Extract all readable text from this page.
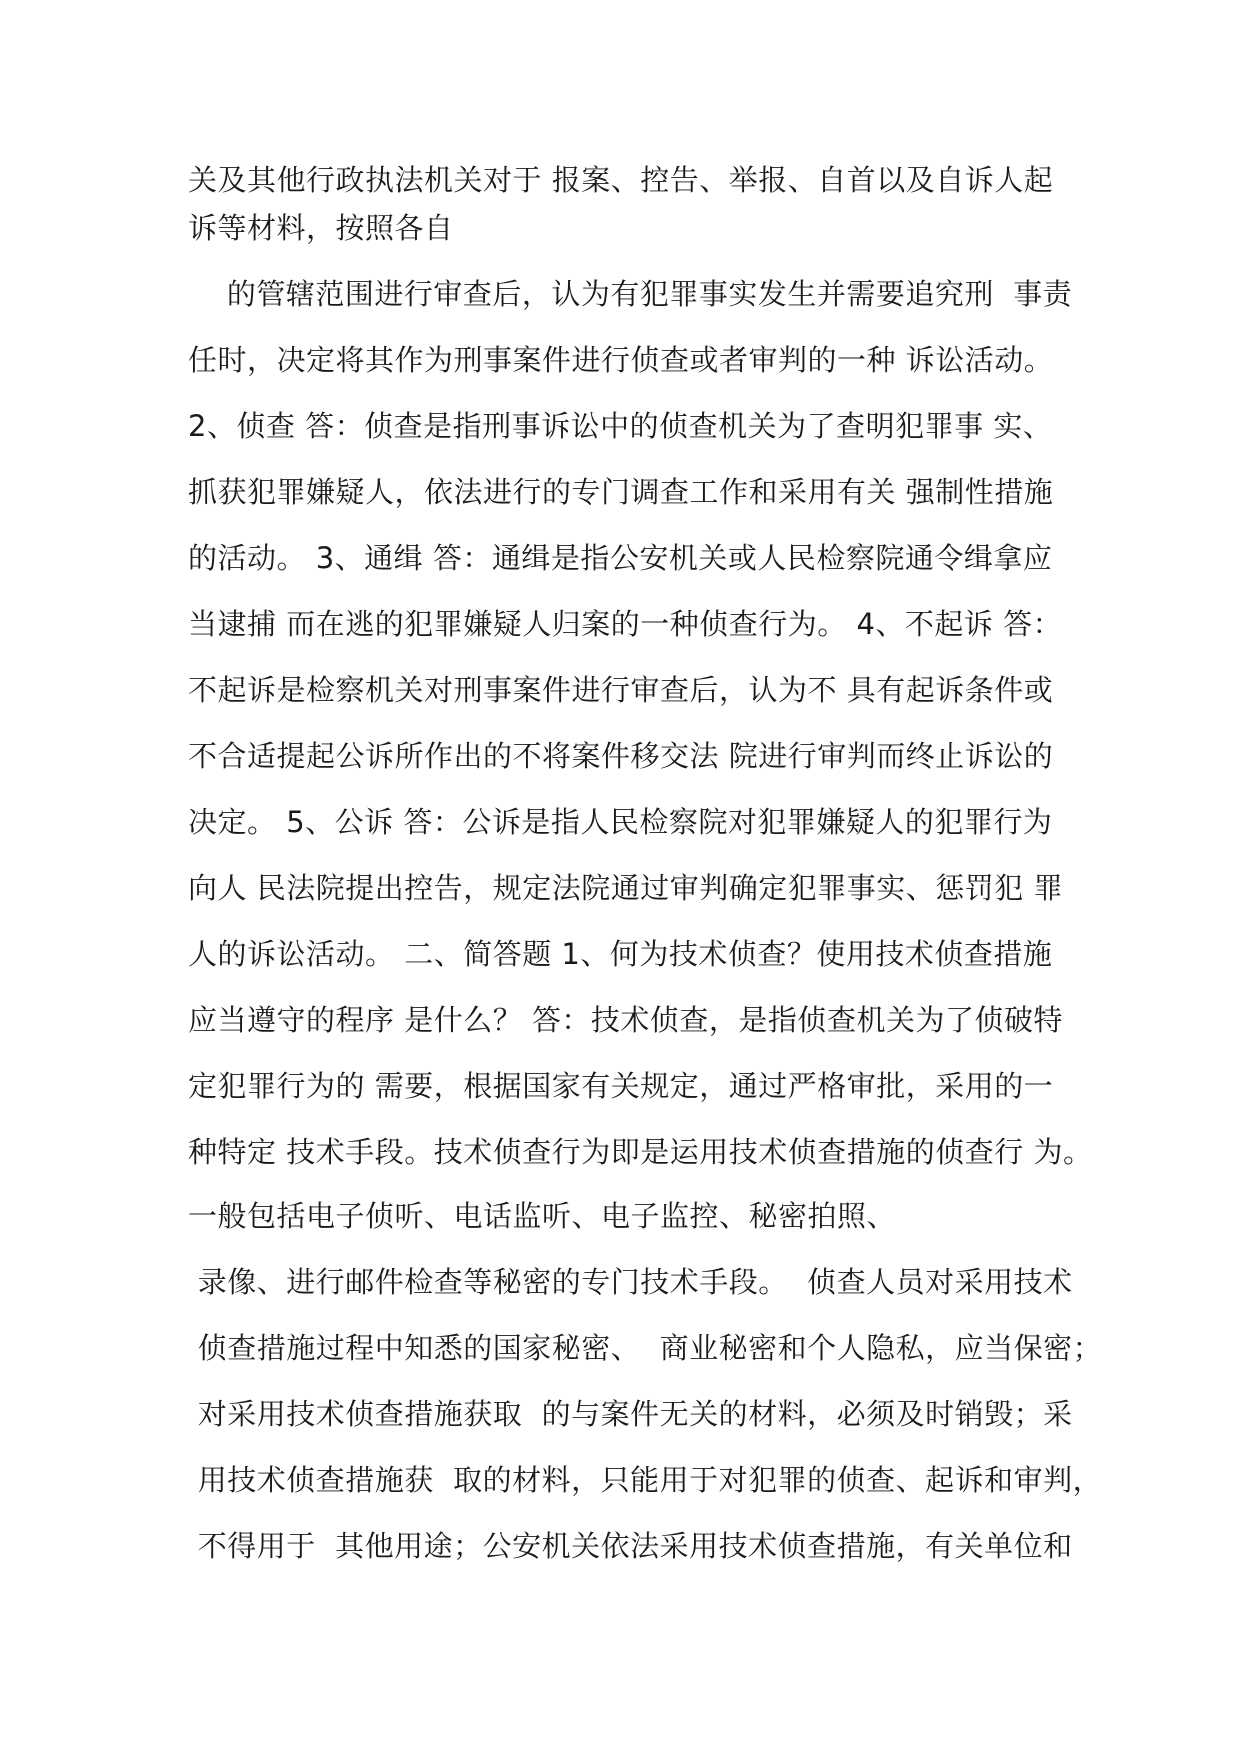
关及其他行政执法机关对于 报案、控告、举报、自首以及自诉人起
诉等材料，按照各自
的管辖范围进行审查后，认为有犯罪事实发生并需要追究刑  事责
任时，决定将其作为刑事案件进行侦查或者审判的一种 诉讼活动。
2、侦查 答：侦查是指刑事诉讼中的侦查机关为了查明犯罪事 实、
抓获犯罪嫌疑人，依法进行的专门调查工作和采用有关 强制性措施
的活动。 3、通缉 答：通缉是指公安机关或人民检察院通令缉拿应
当逮捕 而在逃的犯罪嫌疑人归案的一种侦查行为。 4、不起诉 答：
不起诉是检察机关对刑事案件进行审查后，认为不 具有起诉条件或
不合适提起公诉所作出的不将案件移交法 院进行审判而终止诉讼的
决定。 5、公诉 答：公诉是指人民检察院对犯罪嫌疑人的犯罪行为
向人 民法院提出控告，规定法院通过审判确定犯罪事实、惩罚犯 罪
人的诉讼活动。 二、简答题 1、何为技术侦查？使用技术侦查措施
应当遵守的程序 是什么？ 答：技术侦查，是指侦查机关为了侦破特
定犯罪行为的 需要，根据国家有关规定，通过严格审批，采用的一
种特定 技术手段。技术侦查行为即是运用技术侦查措施的侦查行 为。
一般包括电子侦听、电话监听、电子监控、秘密拍照、
录像、进行邮件检查等秘密的专门技术手段。  侦查人员对采用技术
侦查措施过程中知悉的国家秘密、  商业秘密和个人隐私，应当保密；
对采用技术侦查措施获取  的与案件无关的材料，必须及时销毁；采
用技术侦查措施获  取的材料，只能用于对犯罪的侦查、起诉和审判，
不得用于  其他用途；公安机关依法采用技术侦查措施，有关单位和
